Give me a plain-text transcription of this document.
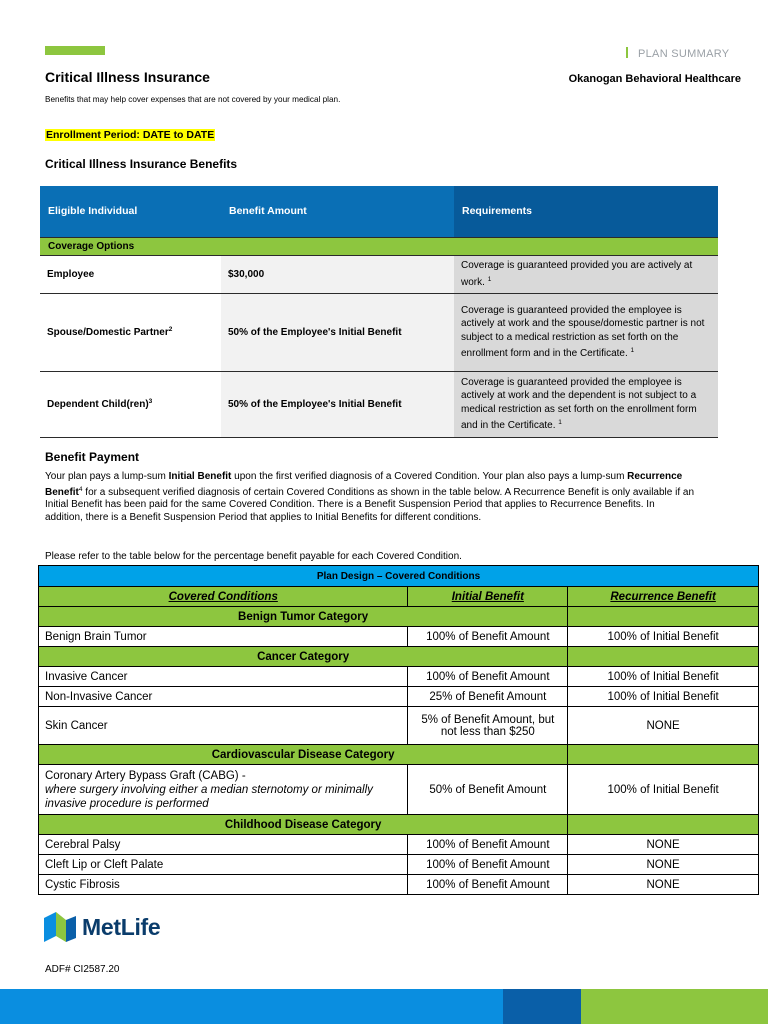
PLAN SUMMARY
Critical Illness Insurance	Okanogan Behavioral Healthcare
Benefits that may help cover expenses that are not covered by your medical plan.
Enrollment Period: DATE to DATE
Critical Illness Insurance Benefits
Eligible Individual	Benefit Amount	Requirements
Coverage Options		
Employee	$30,000	Coverage is guaranteed provided you are actively at work. $^1$
Spouse/Domestic Partner$^2$	50% of the Employee's Initial Benefit	Coverage is guaranteed provided the employee is actively at work and the spouse/domestic partner is not subject to a medical restriction as set forth on the enrollment form and in the Certificate. $^1$
Dependent Child(ren)$^3$	50% of the Employee's Initial Benefit	Coverage is guaranteed provided the employee is actively at work and the dependent is not subject to a medical restriction as set forth on the enrollment form and in the Certificate. $^1$
Benefit Payment
Your plan pays a lump-sum Initial Benefit upon the first verified diagnosis of a Covered Condition. Your plan also pays a lump-sum Recurrence Benefit$^4$ for a subsequent verified diagnosis of certain Covered Conditions as shown in the table below. A Recurrence Benefit is only available if an Initial Benefit has been paid for the same Covered Condition. There is a Benefit Suspension Period that applies to Recurrence Benefits. In addition, there is a Benefit Suspension Period that applies to Initial Benefits for different conditions.
Please refer to the table below for the percentage benefit payable for each Covered Condition.
Plan Design – Covered Conditions		
Covered Conditions	Initial Benefit	Recurrence Benefit
Benign Tumor Category		
Benign Brain Tumor	100% of Benefit Amount	100% of Initial Benefit
Cancer Category		
Invasive Cancer	100% of Benefit Amount	100% of Initial Benefit
Non-Invasive Cancer	25% of Benefit Amount	100% of Initial Benefit
Skin Cancer	5% of Benefit Amount, but not less than $250	NONE
Cardiovascular Disease Category		
Coronary Artery Bypass Graft (CABG) -
where surgery involving either a median sternotomy or minimally invasive procedure is performed	50% of Benefit Amount	100% of Initial Benefit
Childhood Disease Category		
Cerebral Palsy	100% of Benefit Amount	NONE
Cleft Lip or Cleft Palate	100% of Benefit Amount	NONE
Cystic Fibrosis	100% of Benefit Amount	NONE
MetLife
ADF# CI2587.20
